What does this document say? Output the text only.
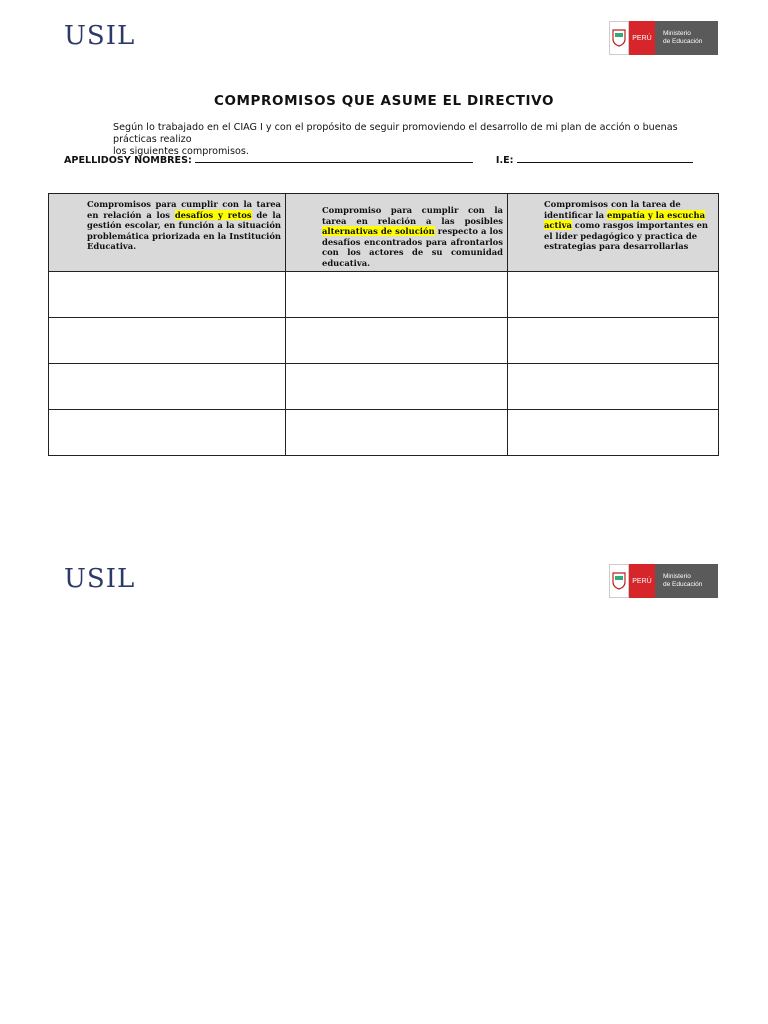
USIL	PERÚ
Ministerio
de Educación
COMPROMISOS QUE ASUME EL DIRECTIVO
Según lo trabajado en el CIAG I y con el propósito de seguir promoviendo el desarrollo de mi plan de acción o buenas prácticas realizo
los siguientes compromisos.
APELLIDOSY NOMBRES:	I.E:
Compromisos para cumplir con la tarea en relación a los desafíos y retos de la gestión escolar, en función a la situación problemática priorizada en la Institución Educativa.	Compromiso para cumplir con la tarea en relación a las posibles alternativas de solución respecto a los desafíos encontrados para afrontarlos con los actores de su comunidad educativa.	Compromisos con la tarea de identificar la empatía y la escucha activa como rasgos importantes en el líder pedagógico y practica de estrategias para desarrollarlas

USIL	PERÚ
Ministerio
de Educación
